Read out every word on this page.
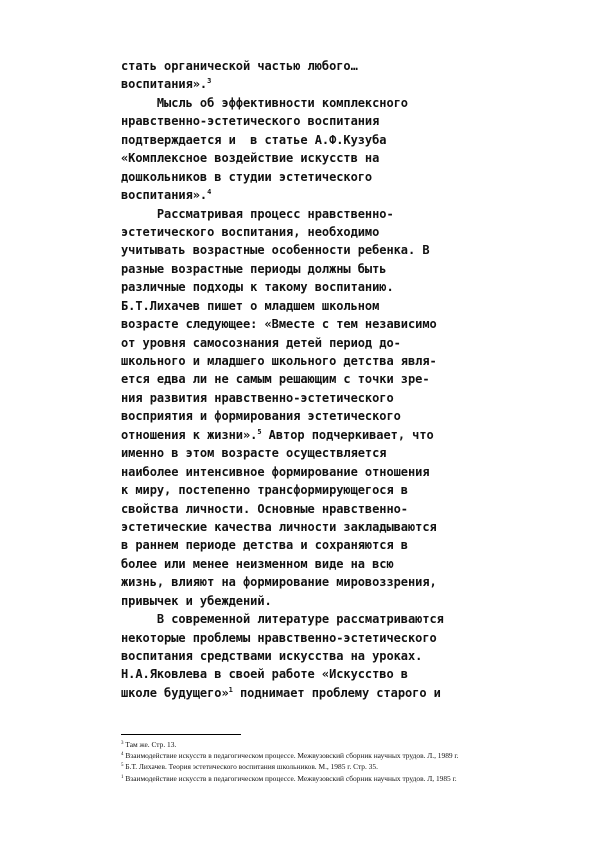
стать органической частью любого…
воспитания».$^3$
Мысль об эффективности комплексного
нравственно-эстетического воспитания
подтверждается и  в статье А.Ф.Кузуба
«Комплексное воздействие искусств на
дошкольников в студии эстетического
воспитания».$^4$
Рассматривая процесс нравственно-
эстетического воспитания, необходимо
учитывать возрастные особенности ребенка. В
разные возрастные периоды должны быть
различные подходы к такому воспитанию.
Б.Т.Лихачев пишет о младшем школьном
возрасте следующее: «Вместе с тем независимо
от уровня самосознания детей период до-
школьного и младшего школьного детства явля-
ется едва ли не самым решающим с точки зре-
ния развития нравственно-эстетического
восприятия и формирования эстетического
отношения к жизни».$^5$ Автор подчеркивает, что
именно в этом возрасте осуществляется
наиболее интенсивное формирование отношения
к миру, постепенно трансформирующегося в
свойства личности. Основные нравственно-
эстетические качества личности закладываются
в раннем периоде детства и сохраняются в
более или менее неизменном виде на всю
жизнь, влияют на формирование мировоззрения,
привычек и убеждений.
В современной литературе рассматриваются
некоторые проблемы нравственно-эстетического
воспитания средствами искусства на уроках.
Н.А.Яковлева в своей работе «Искусство в
школе будущего»$^1$ поднимает проблему старого и
$^3$ Там же. Стр. 13.
$^4$ Взаимодействие искусств в педагогическом процессе. Межвузовский сборник научных трудов. Л., 1989 г.
$^5$ Б.Т. Лихачев. Теория эстетического воспитания школьников. М., 1985 г. Стр. 35.
$^1$ Взаимодействие искусств в педагогическом процессе. Межвузовский сборник научных трудов. Л, 1985 г.
